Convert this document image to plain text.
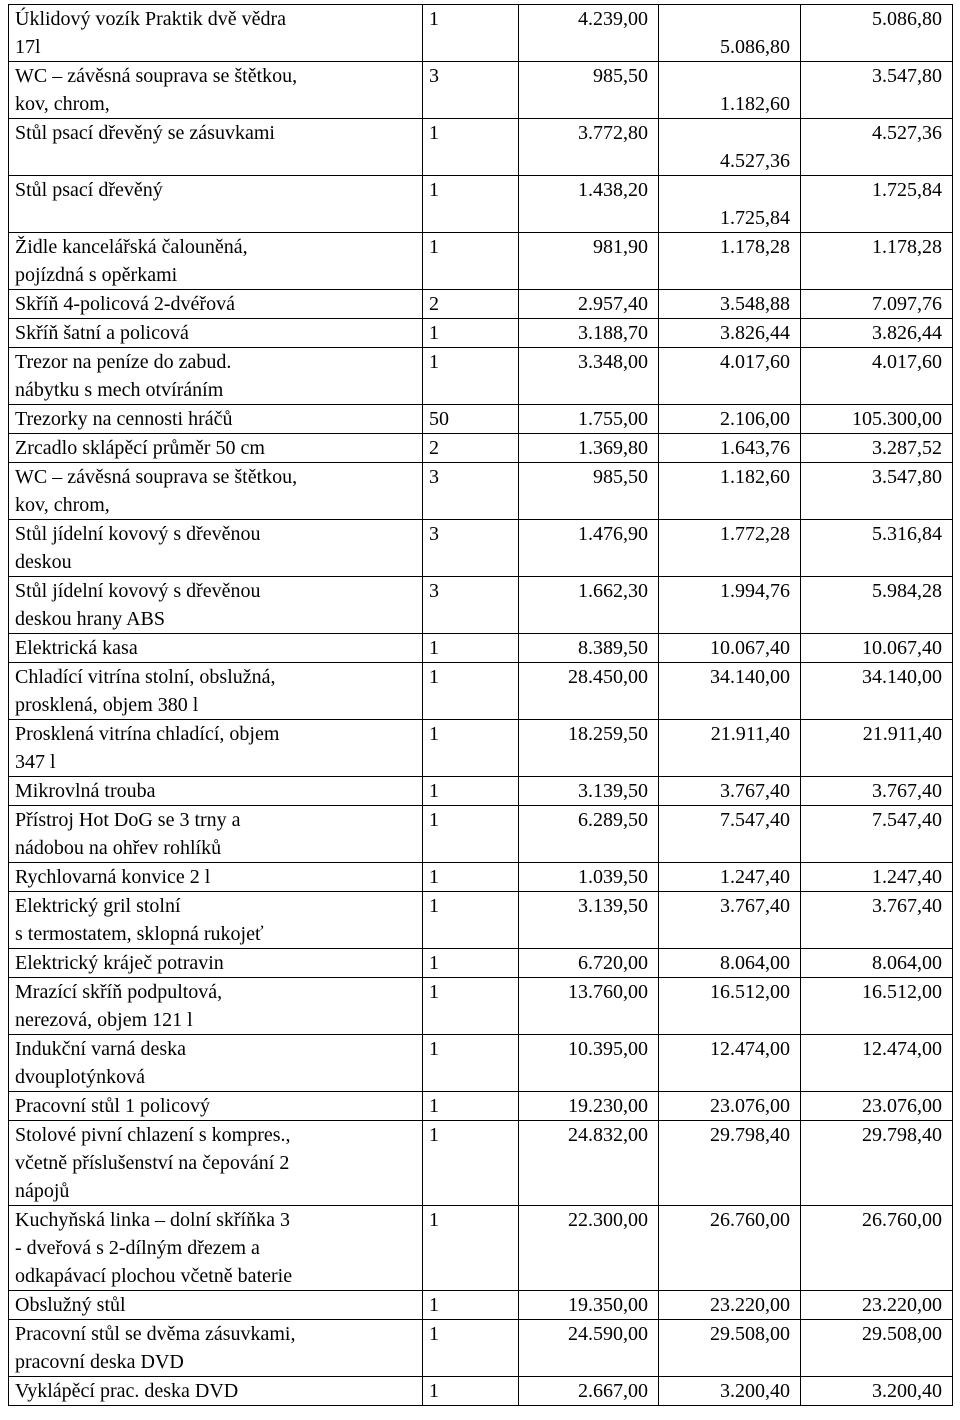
Úklidový vozík Praktik dvě vědra
17l	1	4.239,00	5.086,80	5.086,80

WC – závěsná souprava se štětkou,
kov, chrom,	3	985,50	1.182,60	3.547,80

Stůl psací dřevěný se zásuvkami	1	3.772,80	4.527,36	4.527,36

Stůl psací dřevěný	1	1.438,20	1.725,84	1.725,84

Židle kancelářská čalouněná,
pojízdná s opěrkami	1	981,90	1.178,28	1.178,28

Skříň 4-policová 2-dvéřová	2	2.957,40	3.548,88	7.097,76

Skříň šatní a policová	1	3.188,70	3.826,44	3.826,44

Trezor na peníze do zabud.
nábytku s mech otvíráním	1	3.348,00	4.017,60	4.017,60

Trezorky na cennosti hráčů	50	1.755,00	2.106,00	105.300,00

Zrcadlo sklápěcí průměr 50 cm	2	1.369,80	1.643,76	3.287,52

WC – závěsná souprava se štětkou,
kov, chrom,	3	985,50	1.182,60	3.547,80

Stůl jídelní kovový s dřevěnou
deskou	3	1.476,90	1.772,28	5.316,84

Stůl jídelní kovový s dřevěnou
deskou hrany ABS	3	1.662,30	1.994,76	5.984,28

Elektrická kasa	1	8.389,50	10.067,40	10.067,40

Chladící vitrína stolní, obslužná,
prosklená, objem 380 l	1	28.450,00	34.140,00	34.140,00

Prosklená vitrína chladící, objem
347 l	1	18.259,50	21.911,40	21.911,40

Mikrovlná trouba	1	3.139,50	3.767,40	3.767,40

Přístroj Hot DoG se 3 trny a
nádobou na ohřev rohlíků	1	6.289,50	7.547,40	7.547,40

Rychlovarná konvice 2 l	1	1.039,50	1.247,40	1.247,40

Elektrický gril stolní
s termostatem, sklopná rukojeť	1	3.139,50	3.767,40	3.767,40

Elektrický kráječ potravin	1	6.720,00	8.064,00	8.064,00

Mrazící skříň podpultová,
nerezová, objem 121 l	1	13.760,00	16.512,00	16.512,00

Indukční varná deska
dvouplotýnková	1	10.395,00	12.474,00	12.474,00

Pracovní stůl 1 policový	1	19.230,00	23.076,00	23.076,00

Stolové pivní chlazení s kompres.,
včetně příslušenství na čepování 2
nápojů	1	24.832,00	29.798,40	29.798,40

Kuchyňská linka – dolní skříňka 3
- dveřová s 2-dílným dřezem a
odkapávací plochou včetně baterie	1	22.300,00	26.760,00	26.760,00

Obslužný stůl	1	19.350,00	23.220,00	23.220,00

Pracovní stůl se dvěma zásuvkami,
pracovní deska DVD	1	24.590,00	29.508,00	29.508,00

Vyklápěcí prac. deska DVD	1	2.667,00	3.200,40	3.200,40
